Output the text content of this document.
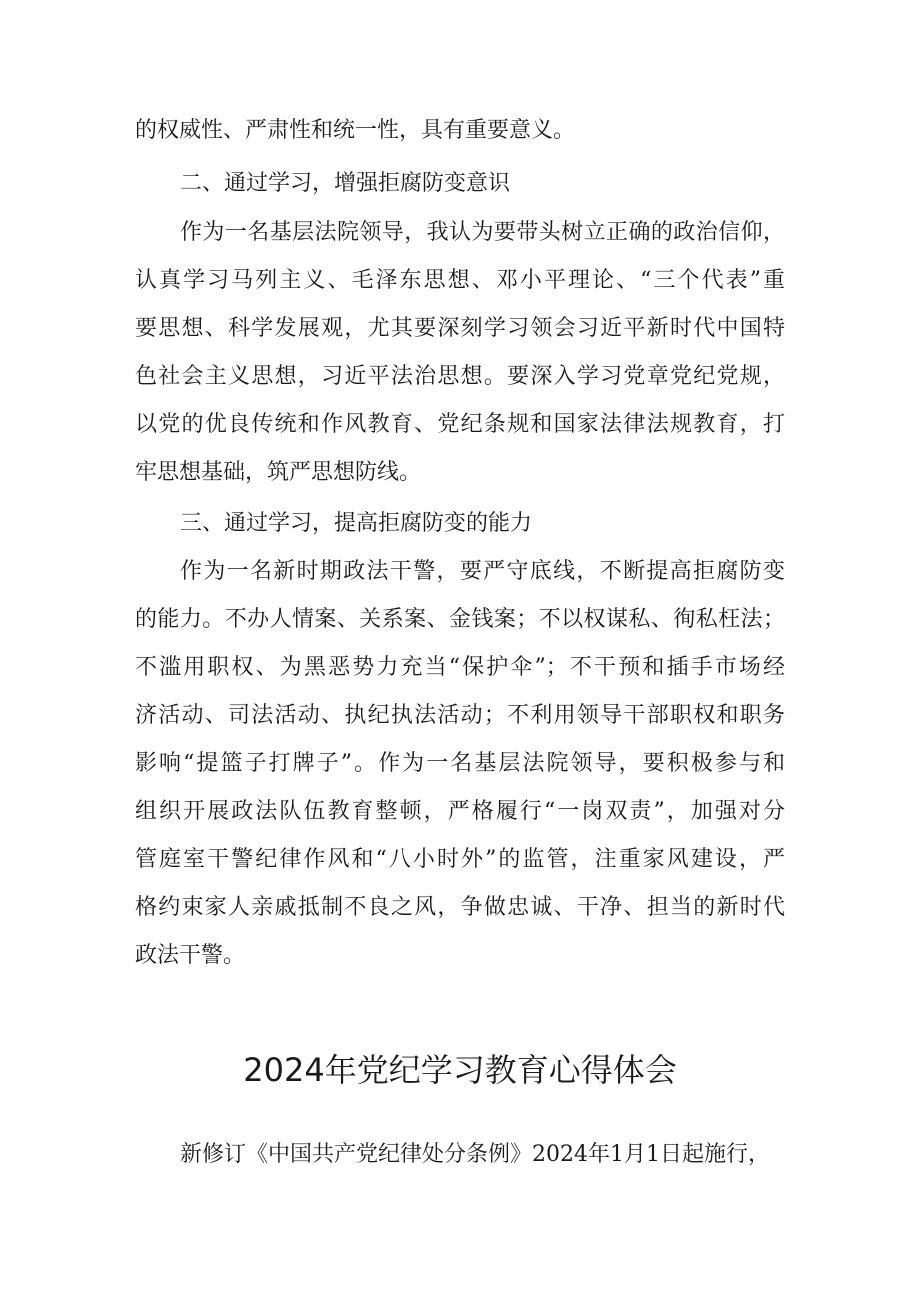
的权威性、严肃性和统一性，具有重要意义。
二、通过学习，增强拒腐防变意识
作为一名基层法院领导，我认为要带头树立正确的政治信仰，
认真学习马列主义、毛泽东思想、邓小平理论、“三个代表”重
要思想、科学发展观，尤其要深刻学习领会习近平新时代中国特
色社会主义思想，习近平法治思想。要深入学习党章党纪党规，
以党的优良传统和作风教育、党纪条规和国家法律法规教育，打
牢思想基础，筑严思想防线。
三、通过学习，提高拒腐防变的能力
作为一名新时期政法干警，要严守底线，不断提高拒腐防变
的能力。不办人情案、关系案、金钱案；不以权谋私、徇私枉法；
不滥用职权、为黑恶势力充当“保护伞”；不干预和插手市场经
济活动、司法活动、执纪执法活动；不利用领导干部职权和职务
影响“提篮子打牌子”。作为一名基层法院领导，要积极参与和
组织开展政法队伍教育整顿，严格履行“一岗双责”，加强对分
管庭室干警纪律作风和“八小时外”的监管，注重家风建设，严
格约束家人亲戚抵制不良之风，争做忠诚、干净、担当的新时代
政法干警。
2024年党纪学习教育心得体会
新修订《中国共产党纪律处分条例》2024年1月1日起施行，
